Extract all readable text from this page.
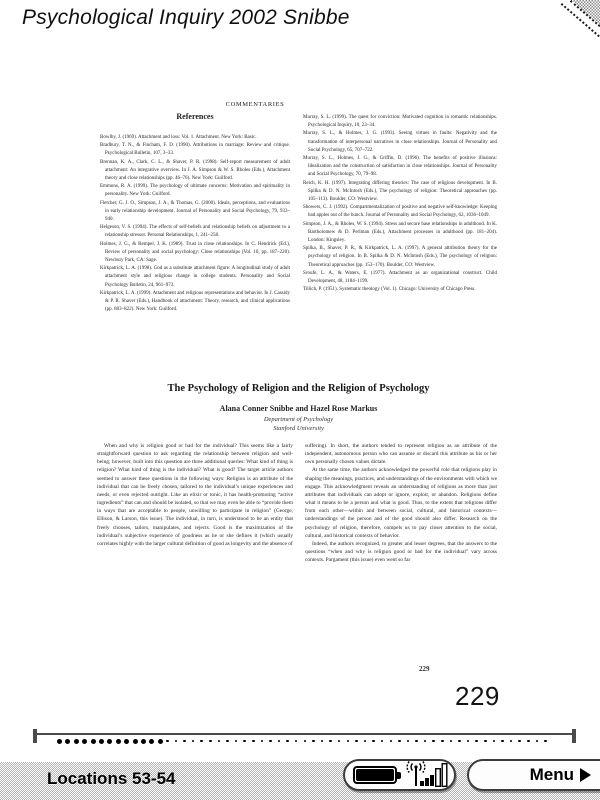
Psychological Inquiry 2002 Snibbe
COMMENTARIES
References
Bowlby, J. (1969). Attachment and loss: Vol. 1. Attachment. New York: Basic.
Bradbury, T. N., & Fincham, F. D. (1990). Attributions in marriage: Review and critique. Psychological Bulletin, 107, 3–33.
Brennan, K. A., Clark, C. L., & Shaver, P. R. (1998). Self-report measurement of adult attachment: An integrative overview. In J. A. Simpson & W. S. Rholes (Eds.), Attachment theory and close relationships (pp. 46–76). New York: Guilford.
Emmons, R. A. (1999). The psychology of ultimate concerns: Motivation and spirituality in personality. New York: Guilford.
Fletcher, G. J. O., Simpson, J. A., & Thomas, G. (2000). Ideals, perceptions, and evaluations in early relationship development. Journal of Personality and Social Psychology, 79, 933–940.
Helgeson, V. S. (1994). The effects of self-beliefs and relationship beliefs on adjustment to a relationship stressor. Personal Relationships, 1, 241–258.
Holmes, J. G., & Rempel, J. K. (1989). Trust in close relationships. In C. Hendrick (Ed.), Review of personality and social psychology: Close relationships (Vol. 10, pp. 187–220). Newbury Park, CA: Sage.
Kirkpatrick, L. A. (1998). God as a substitute attachment figure: A longitudinal study of adult attachment style and religious change in college students. Personality and Social Psychology Bulletin, 24, 961–973.
Kirkpatrick, L. A. (1999). Attachment and religious representations and behavior. In J. Cassidy & P. R. Shaver (Eds.), Handbook of attachment: Theory, research, and clinical applications (pp. 803–822). New York: Guilford.
Murray, S. L. (1999). The quest for conviction: Motivated cognition in romantic relationships. Psychological Inquiry, 10, 23–34.
Murray, S. L., & Holmes, J. G. (1993). Seeing virtues in faults: Negativity and the transformation of interpersonal narratives in close relationships. Journal of Personality and Social Psychology, 65, 707–722.
Murray, S. L., Holmes, J. G., & Griffin, D. (1996). The benefits of positive illusions: Idealization and the construction of satisfaction in close relationships. Journal of Personality and Social Psychology, 70, 79–98.
Reich, K. H. (1997). Integrating differing theories: The case of religious development. In B. Spilka & D. N. McIntosh (Eds.), The psychology of religion: Theoretical approaches (pp. 105–113). Boulder, CO: Westview.
Showers, C. J. (1992). Compartmentalization of positive and negative self-knowledge: Keeping bad apples out of the bunch. Journal of Personality and Social Psychology, 62, 1036–1049.
Simpson, J. A., & Rholes, W. S. (1994). Stress and secure base relationships in adulthood. In K. Bartholomew & D. Perlman (Eds.), Attachment processes in adulthood (pp. 181–204). London: Kingsley.
Spilka, B., Shaver, P. R., & Kirkpatrick, L. A. (1997). A general attribution theory for the psychology of religion. In B. Spilka & D. N. McIntosh (Eds.), The psychology of religion: Theoretical approaches (pp. 153–170). Boulder, CO: Westview.
Sroufe, L. A., & Waters, E. (1977). Attachment as an organizational construct. Child Development, 48, 1184–1199.
Tillich, P. (1951). Systematic theology (Vol. 1). Chicago: University of Chicago Press.
The Psychology of Religion and the Religion of Psychology
Alana Conner Snibbe and Hazel Rose Markus
Department of Psychology
Stanford University
When and why is religion good or bad for the individual? This seems like a fairly straightforward question to ask regarding the relationship between religion and well-being; however, built into this question are three additional queries: What kind of thing is religion? What kind of thing is the individual? What is good? The target article authors seemed to answer these questions in the following ways: Religion is an attribute of the individual that can be freely chosen, tailored to the individual’s unique experiences and needs, or even rejected outright. Like an elixir or tonic, it has health-promoting “active ingredients” that can and should be isolated, so that we may even be able to “provide them in ways that are acceptable to people, unwilling to participate in religion” (George, Ellison, & Larson, this issue). The individual, in turn, is understood to be an entity that freely chooses, tailors, manipulates, and rejects. Good is the maximization of the individual’s subjective experience of goodness as he or she defines it (which usually correlates highly with the larger cultural definition of good as longevity and the absence of
suffering). In short, the authors tended to represent religion as an attribute of the independent, autonomous person who can assume or discard this attribute as his or her own personally chosen values dictate.
At the same time, the authors acknowledged the powerful role that religions play in shaping the meanings, practices, and understandings of the environments with which we engage. This acknowledgment reveals an understanding of religions as more than just attributes that individuals can adopt or ignore, exploit, or abandon. Religions define what it means to be a person and what is good. Thus, to the extent that religions differ from each other—within and between social, cultural, and historical contexts—understandings of the person and of the good should also differ. Research on the psychology of religion, therefore, compels us to pay closer attention to the social, cultural, and historical contexts of behavior.
Indeed, the authors recognized, to greater and lesser degrees, that the answers to the questions “when and why is religion good or bad for the individual” vary across contexts. Pargament (this issue) even went so far
229
229
Locations 53-54	Menu
